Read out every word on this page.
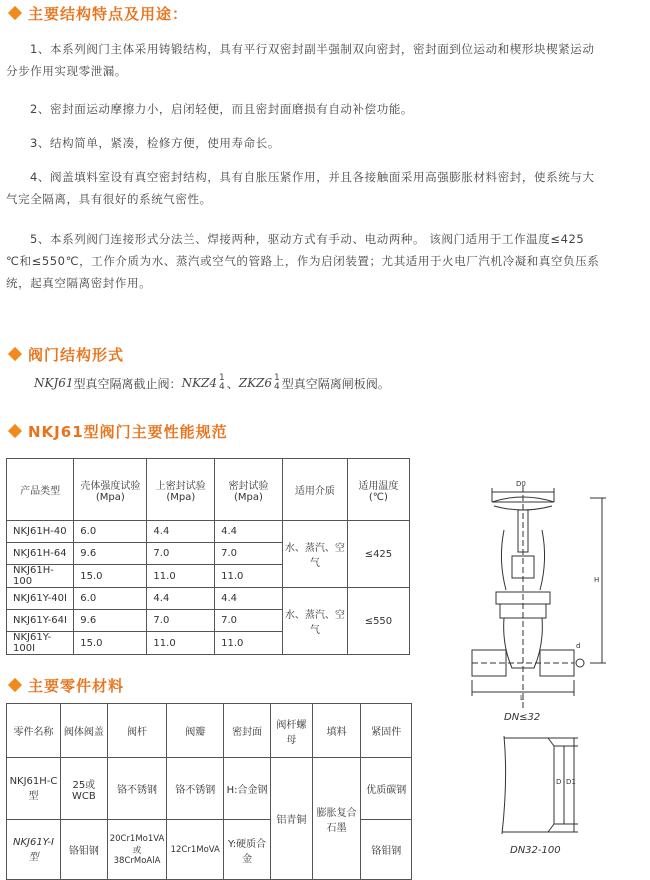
主要结构特点及用途：
1、本系列阀门主体采用铸锻结构，具有平行双密封副半强制双向密封，密封面到位运动和楔形块楔紧运动
分步作用实现零泄漏。
2、密封面运动摩擦力小，启闭轻便，而且密封面磨损有自动补偿功能。
3、结构简单，紧凑，检修方便，使用寿命长。
4、阀盖填料室设有真空密封结构，具有自胀压紧作用，并且各接触面采用高强膨胀材料密封，使系统与大
气完全隔离，具有很好的系统气密性。
5、本系列阀门连接形式分法兰、焊接两种，驱动方式有手动、电动两种。 该阀门适用于工作温度≤425
℃和≤550℃，工作介质为水、蒸汽或空气的管路上，作为启闭装置；尤其适用于火电厂汽机冷凝和真空负压系
统，起真空隔离密封作用。
阀门结构形式
NKJ61 型真空隔离截止阀： NKZ4 1
4 、 ZKZ6 1
4 型真空隔离闸板阀。
NKJ61型阀门主要性能规范
产品类型	壳体强度试验(Mpa)	上密封试验(Mpa)	密封试验(Mpa)	适用介质	适用温度(℃)
NKJ61H-40	6.0	4.4	4.4	水、蒸汽、空气	≤425
NKJ61H-64	9.6	7.0	7.0		
NKJ61H-100	15.0	11.0	11.0		
NKJ61Y-40I	6.0	4.4	4.4	水、蒸汽、空气	≤550
NKJ61Y-64I	9.6	7.0	7.0		
NKJ61Y-100I	15.0	11.0	11.0		
主要零件材料
零件名称	阀体阀盖	阀杆	阀瓣	密封面	阀杆螺母	填料	紧固件
NKJ61H-C型	25或WCB	铬不锈钢	铬不锈钢	H:合金钢	铝青铜	膨胀复合石墨	优质碳钢
NKJ61Y-I型	铬钼钢	20Cr1Mo1VA或38CrMoAlA	12Cr1MoVA	Y:硬质合金			铬钼钢
D0
H
L
d
DN≤32
D D1
DN32-100
